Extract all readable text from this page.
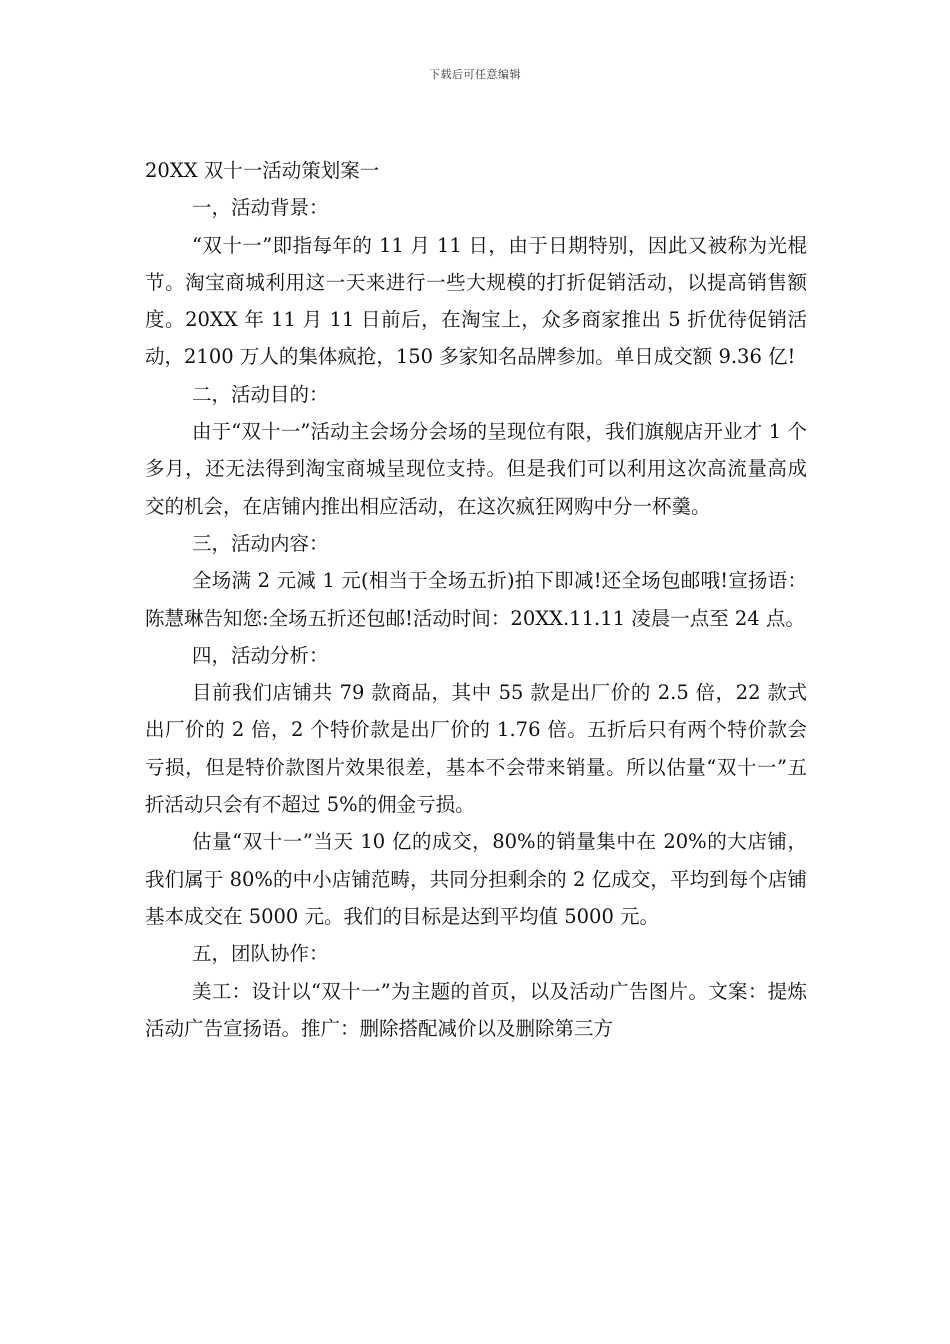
下载后可任意编辑

20XX 双十一活动策划案一

一，活动背景：

“双十一”即指每年的 11 月 11 日，由于日期特别，因此又被称为光棍节。淘宝商城利用这一天来进行一些大规模的打折促销活动，以提高销售额度。20XX 年 11 月 11 日前后，在淘宝上，众多商家推出 5 折优待促销活动，2100 万人的集体疯抢，150 多家知名品牌参加。单日成交额 9.36 亿!

二，活动目的：

由于“双十一”活动主会场分会场的呈现位有限，我们旗舰店开业才 1 个多月，还无法得到淘宝商城呈现位支持。但是我们可以利用这次高流量高成交的机会，在店铺内推出相应活动，在这次疯狂网购中分一杯羹。

三，活动内容：

全场满 2 元减 1 元(相当于全场五折)拍下即减!还全场包邮哦!宣扬语：陈慧琳告知您:全场五折还包邮!活动时间：20XX.11.11 凌晨一点至 24 点。

四，活动分析：

目前我们店铺共 79 款商品，其中 55 款是出厂价的 2.5 倍，22 款式出厂价的 2 倍，2 个特价款是出厂价的 1.76 倍。五折后只有两个特价款会亏损，但是特价款图片效果很差，基本不会带来销量。所以估量“双十一”五折活动只会有不超过 5%的佣金亏损。

估量“双十一”当天 10 亿的成交，80%的销量集中在 20%的大店铺，我们属于 80%的中小店铺范畴，共同分担剩余的 2 亿成交，平均到每个店铺基本成交在 5000 元。我们的目标是达到平均值 5000 元。

五，团队协作：

美工：设计以“双十一”为主题的首页，以及活动广告图片。文案：提炼活动广告宣扬语。推广：删除搭配减价以及删除第三方
